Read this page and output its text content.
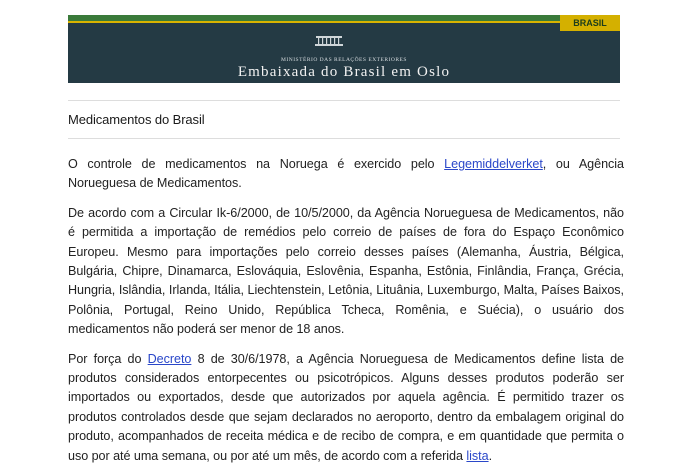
BRASIL
MINISTÉRIO DAS RELAÇÕES EXTERIORES
Embaixada do Brasil em Oslo
Medicamentos do Brasil

O controle de medicamentos na Noruega é exercido pelo Legemiddelverket, ou Agência Norueguesa de Medicamentos.

De acordo com a Circular Ik-6/2000, de 10/5/2000, da Agência Norueguesa de Medicamentos, não é permitida a importação de remédios pelo correio de países de fora do Espaço Econômico Europeu. Mesmo para importações pelo correio desses países (Alemanha, Áustria, Bélgica, Bulgária, Chipre, Dinamarca, Eslováquia, Eslovênia, Espanha, Estônia, Finlândia, França, Grécia, Hungria, Islândia, Irlanda, Itália, Liechtenstein, Letônia, Lituânia, Luxemburgo, Malta, Países Baixos, Polônia, Portugal, Reino Unido, República Tcheca, Romênia, e Suécia), o usuário dos medicamentos não poderá ser menor de 18 anos.

Por força do Decreto 8 de 30/6/1978, a Agência Norueguesa de Medicamentos define lista de produtos considerados entorpecentes ou psicotrópicos. Alguns desses produtos poderão ser importados ou exportados, desde que autorizados por aquela agência. É permitido trazer os produtos controlados desde que sejam declarados no aeroporto, dentro da embalagem original do produto, acompanhados de receita médica e de recibo de compra, e em quantidade que permita o uso por até uma semana, ou por até um mês, de acordo com a referida lista.
